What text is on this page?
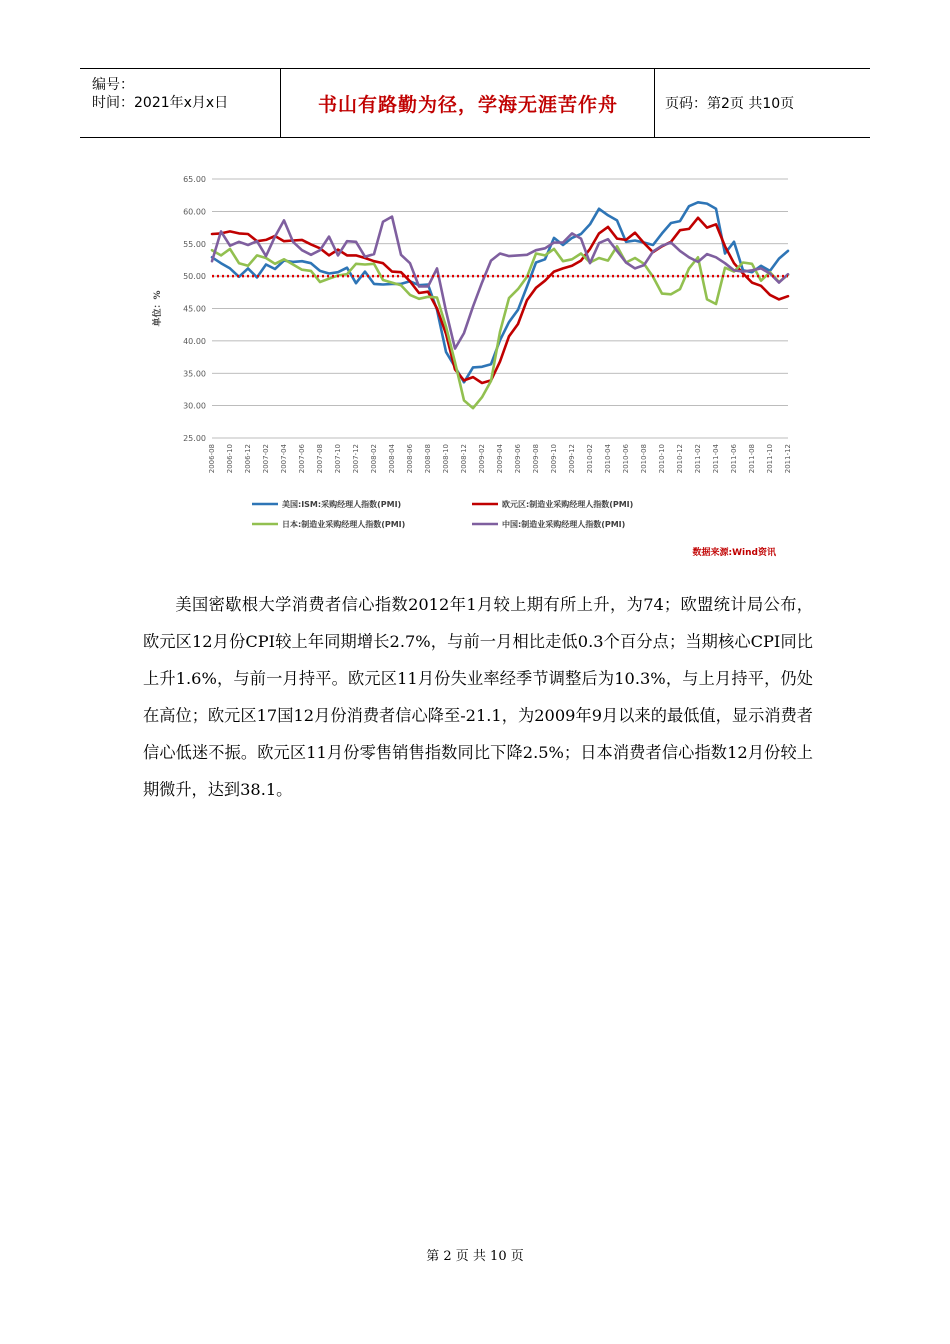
编号：
时间：2021年x月x日	书山有路勤为径，学海无涯苦作舟	页码：第2页 共10页
65.00
60.00
55.00
50.00
45.00
40.00
35.00
30.00
25.00
单位：%
2006-08 2006-10 2006-12 2007-02 2007-04 2007-06 2007-08 2007-10 2007-12 2008-02 2008-04 2008-06 2008-08 2008-10 2008-12 2009-02 2009-04 2009-06 2009-08 2009-10 2009-12 2010-02 2010-04 2010-06 2010-08 2010-10 2010-12 2011-02 2011-04 2011-06 2011-08 2011-10 2011-12
美国:ISM:采购经理人指数(PMI)	欧元区:制造业采购经理人指数(PMI)
日本:制造业采购经理人指数(PMI)	中国:制造业采购经理人指数(PMI)
数据来源:Wind资讯

美国密歇根大学消费者信心指数2012年1月较上期有所上升，为74；欧盟统计局公布，欧元区12月份CPI较上年同期增长2.7%，与前一月相比走低0.3个百分点；当期核心CPI同比上升1.6%，与前一月持平。欧元区11月份失业率经季节调整后为10.3%，与上月持平，仍处在高位；欧元区17国12月份消费者信心降至-21.1，为2009年9月以来的最低值，显示消费者信心低迷不振。欧元区11月份零售销售指数同比下降2.5%；日本消费者信心指数12月份较上期微升，达到38.1。

第 2 页 共 10 页
